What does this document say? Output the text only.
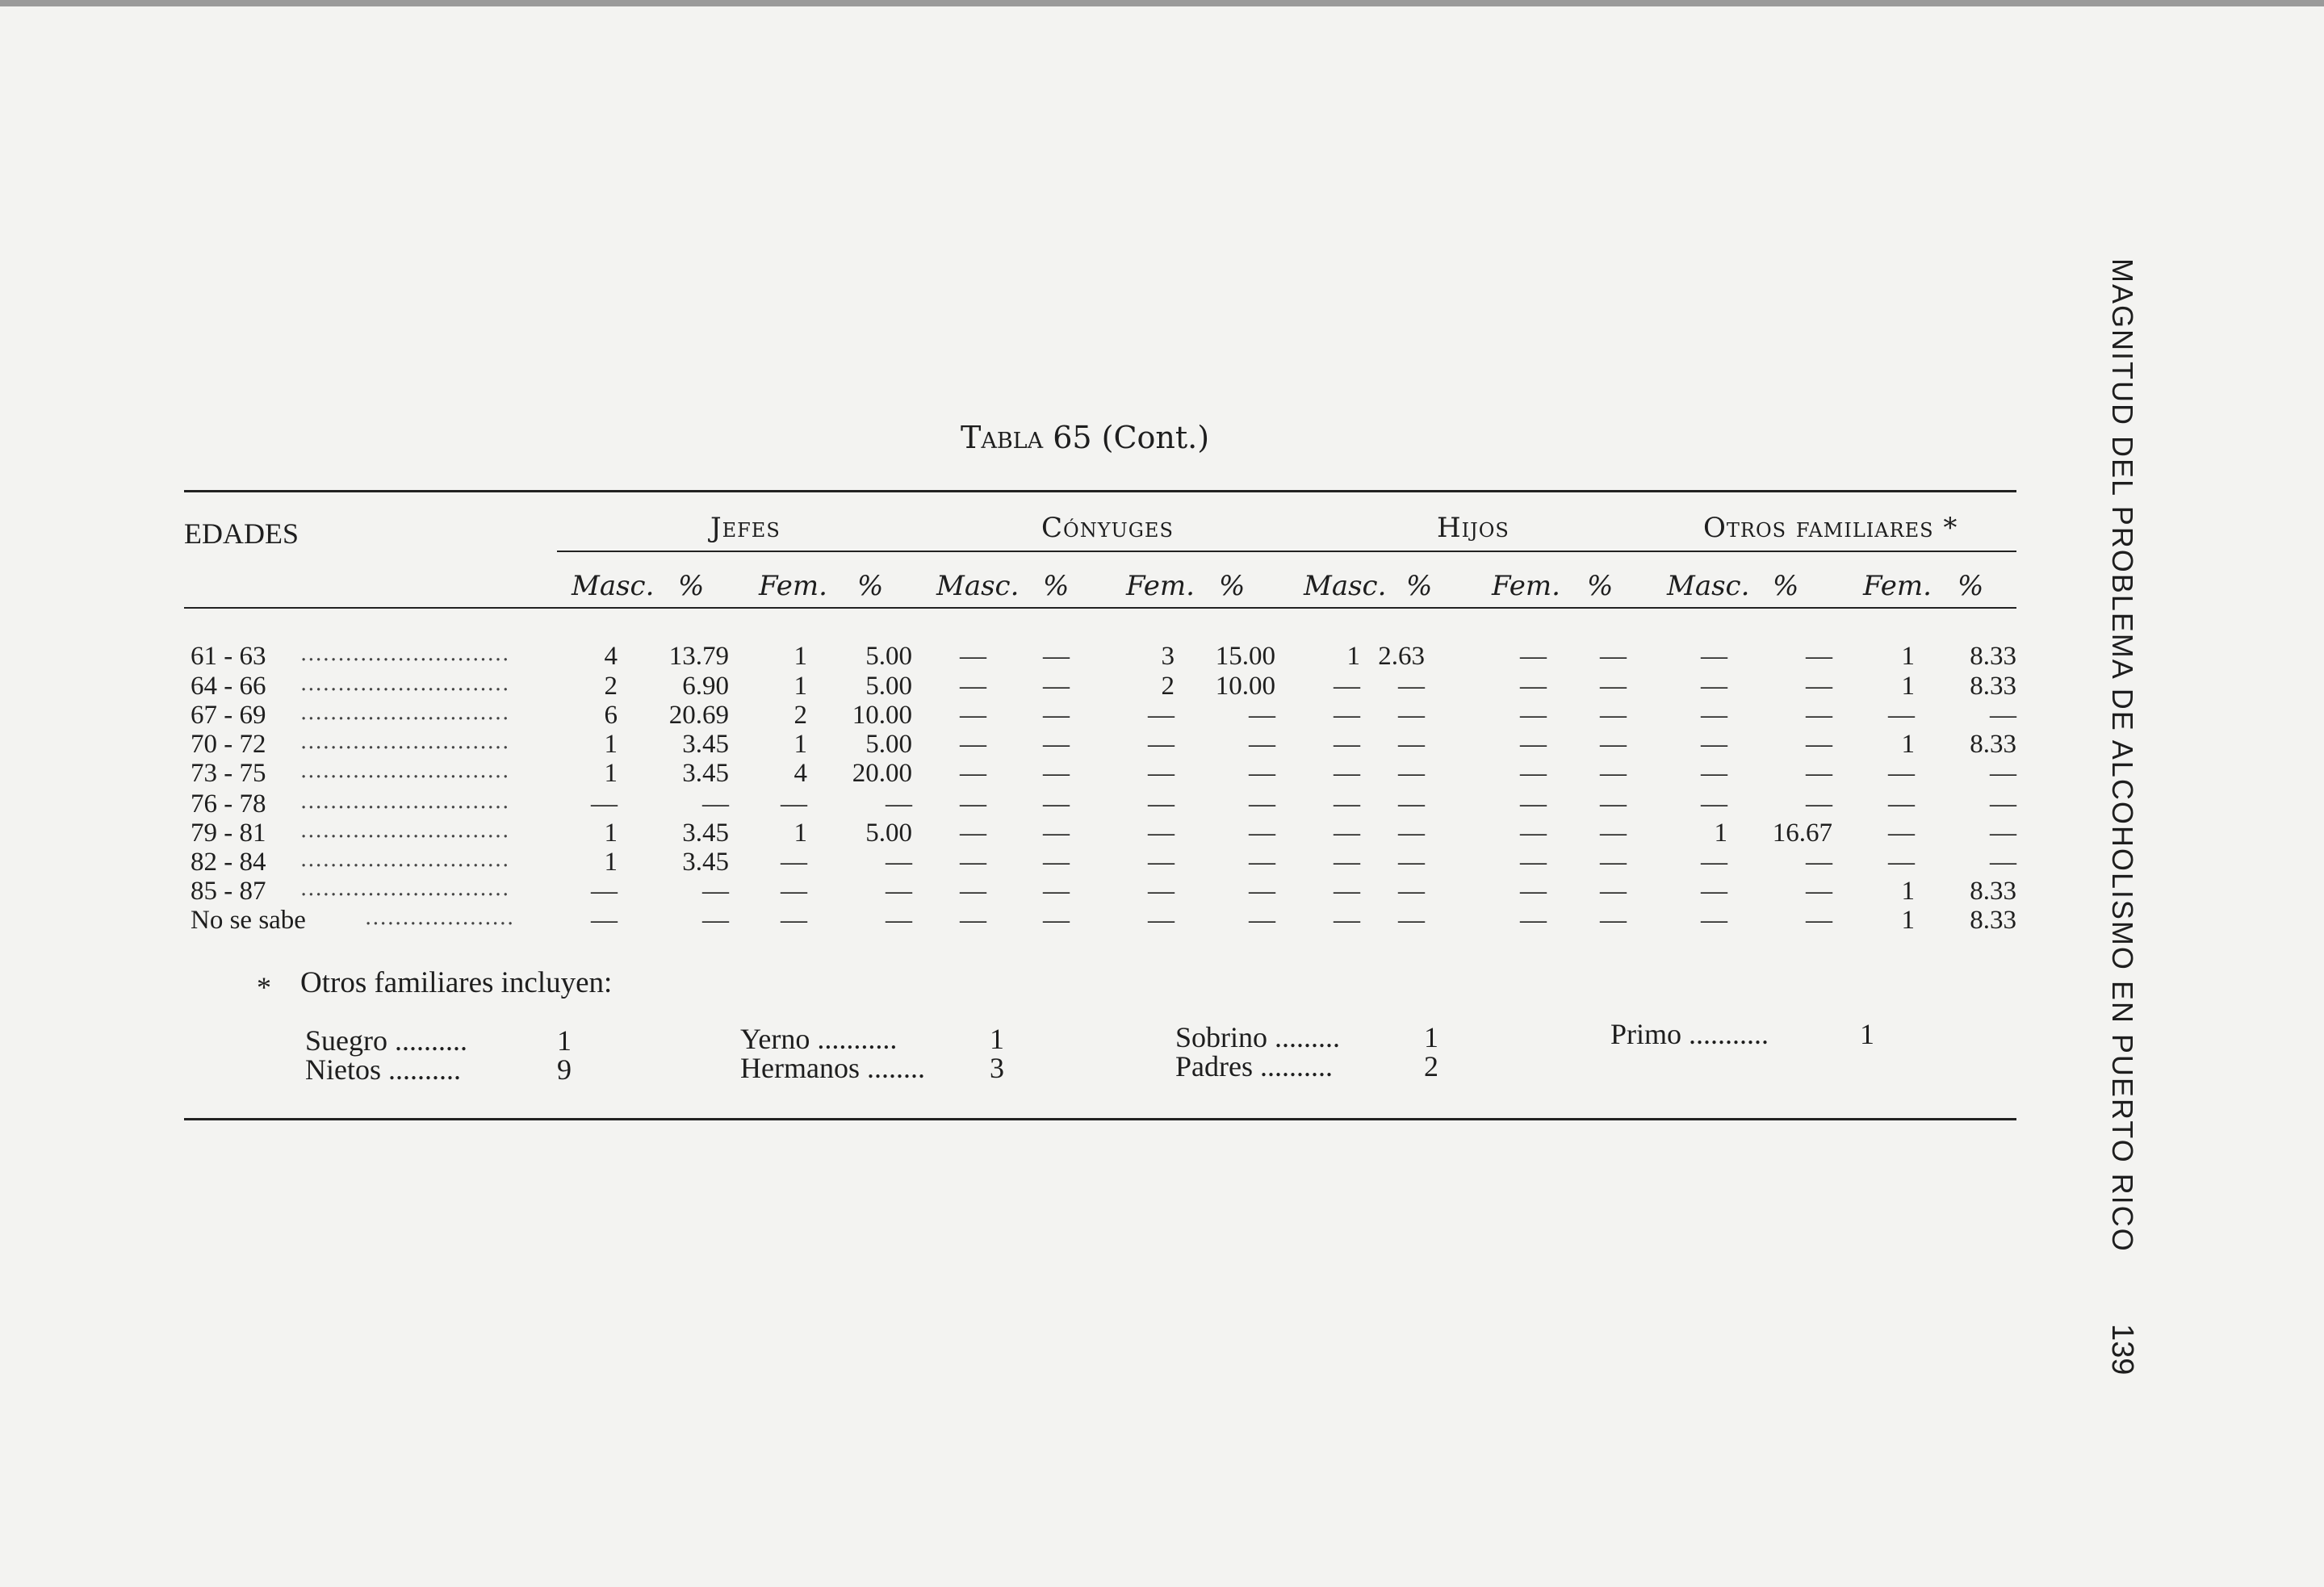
Tabla 65 (Cont.)
EDADES	Jefes	Cónyuges	Hijos	Otros familiares *
Masc. % Fem. % Masc. % Fem. % Masc. % Fem. % Masc. % Fem. %
61 - 63 ............................	4	13.79	1	5.00	—	—	3	15.00	1 2.63	—	—	—	—	1	8.33
64 - 66 ............................	2	6.90	1	5.00	—	—	2	10.00	—	—	—	—	—	—	1	8.33
67 - 69 ............................	6	20.69	2	10.00	—	—	—	—	—	—	—	—	—	—	—	—
70 - 72 ............................	1	3.45	1	5.00	—	—	—	—	—	—	—	—	—	—	1	8.33
73 - 75 ............................	1	3.45	4	20.00	—	—	—	—	—	—	—	—	—	—	—	—
76 - 78 ............................	—	—	—	—	—	—	—	—	—	—	—	—	—	—	—	—
79 - 81 ............................	1	3.45	1	5.00	—	—	—	—	—	—	—	—	1	16.67	—	—
82 - 84 ............................	1	3.45	—	—	—	—	—	—	—	—	—	—	—	—	—	—
85 - 87 ............................	—	—	—	—	—	—	—	—	—	—	—	—	—	—	1	8.33
No se sabe	....................	—	—	—	—	—	—	—	—	—	—	—	—	—	—	1	8.33
* Otros familiares incluyen:
Suegro ..........	1
Nietos ..........	9
Yerno ...........	1
Hermanos ........ 3
Sobrino .........	1
Padres ..........	2
Primo ...........	1	MAGNITUD DEL PROBLEMA DE ALCOHOLISMO EN PUERTO RICO
139
